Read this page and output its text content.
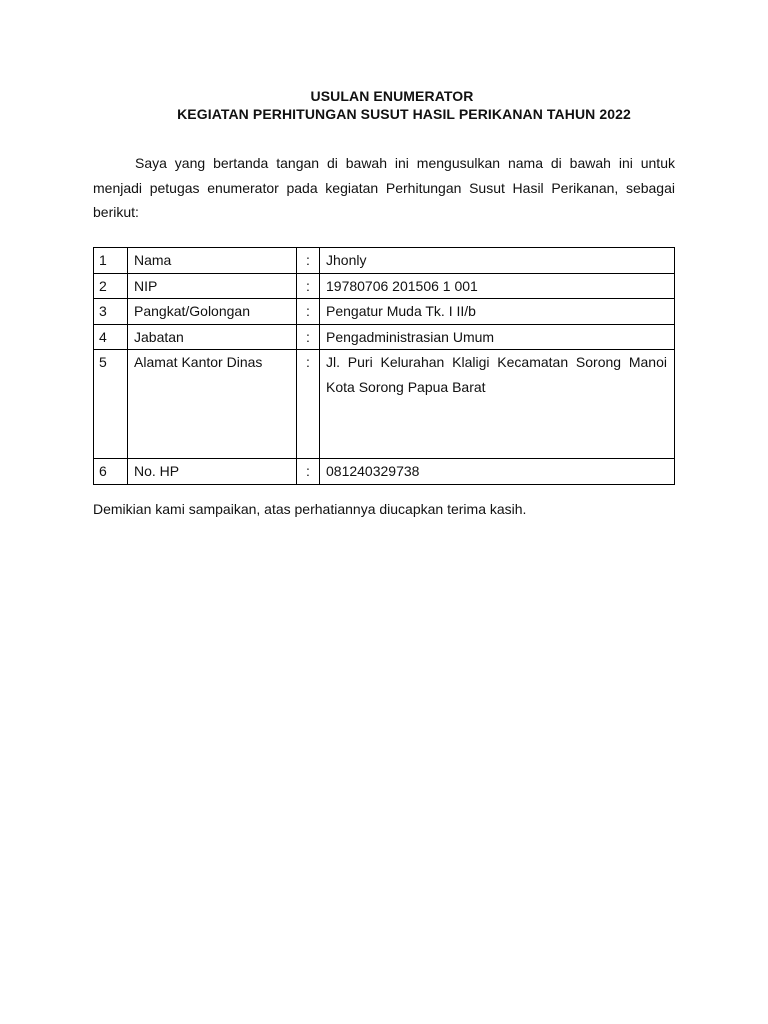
USULAN ENUMERATOR
KEGIATAN PERHITUNGAN SUSUT HASIL PERIKANAN TAHUN 2022

Saya yang bertanda tangan di bawah ini mengusulkan nama di bawah ini untuk menjadi petugas enumerator pada kegiatan Perhitungan Susut Hasil Perikanan, sebagai berikut:

1	Nama	:	Jhonly
2	NIP	:	19780706 201506 1 001
3	Pangkat/Golongan	:	Pengatur Muda Tk. I II/b
4	Jabatan	:	Pengadministrasian Umum
5	Alamat Kantor Dinas	:	Jl. Puri Kelurahan Klaligi Kecamatan Sorong Manoi Kota Sorong Papua Barat
6	No. HP	:	081240329738

Demikian kami sampaikan, atas perhatiannya diucapkan terima kasih.
